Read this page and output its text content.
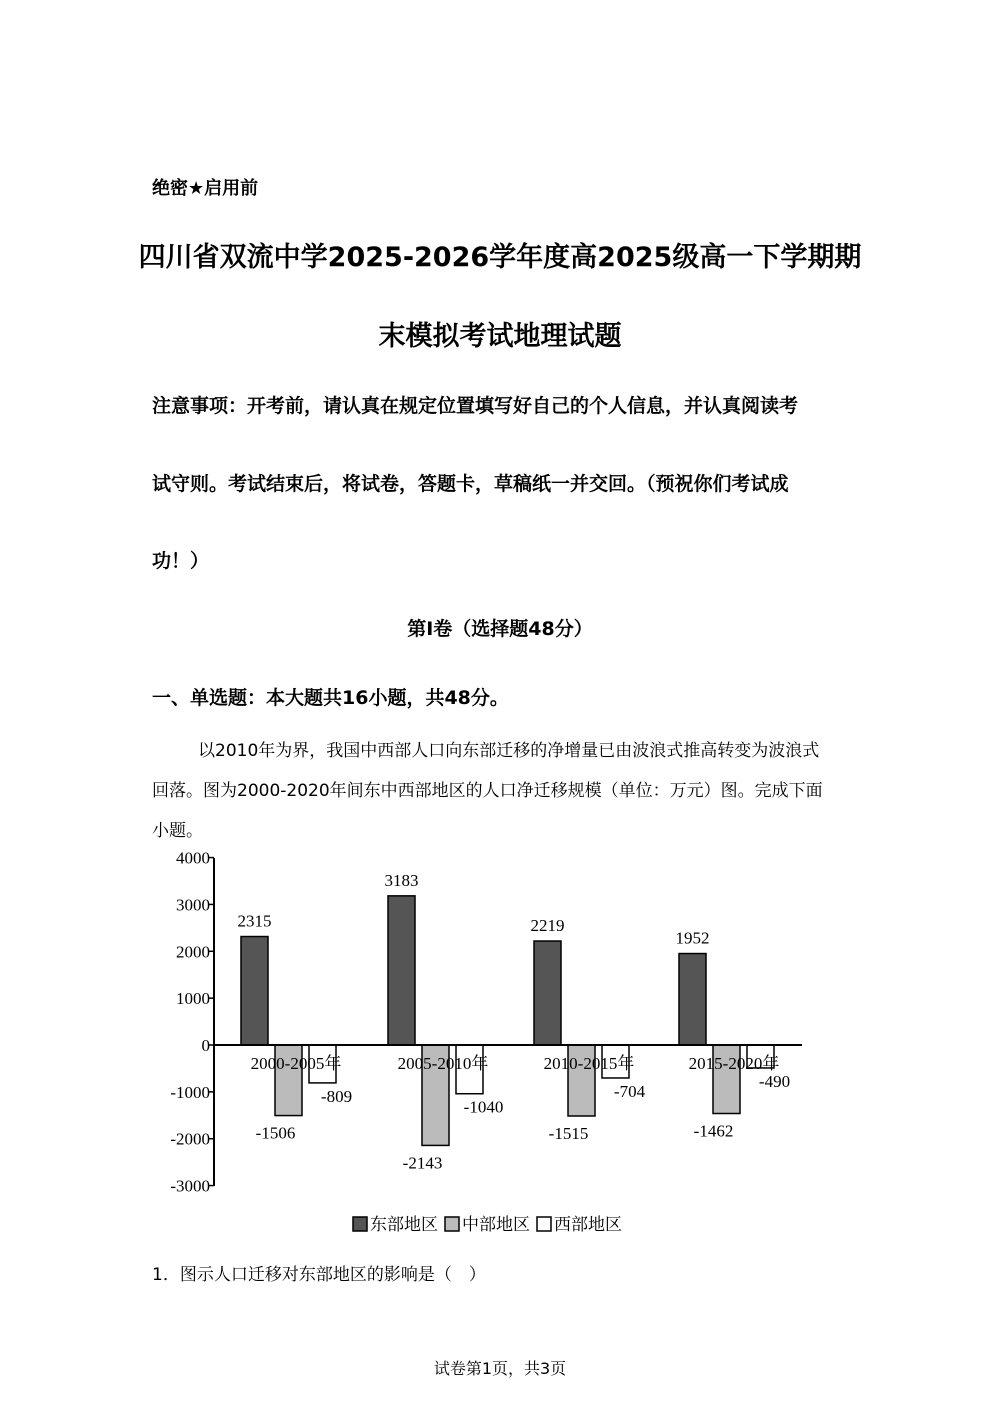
绝密★启用前
四川省双流中学2025-2026学年度高2025级高一下学期期
末模拟考试地理试题
注意事项：开考前，请认真在规定位置填写好自己的个人信息，并认真阅读考
试守则。考试结束后，将试卷，答题卡，草稿纸一并交回。（预祝你们考试成
功！）
第I卷（选择题48分）
一、单选题：本大题共16小题，共48分。
以2010年为界，我国中西部人口向东部迁移的净增量已由波浪式推高转变为波浪式
回落。图为2000-2020年间东中西部地区的人口净迁移规模（单位：万元）图。完成下面
小题。
4000
3000
2000
1000
0
-1000
-2000
-3000
2315
-1506
-809
2000-2005年
3183
-2143
-1040
2005-2010年
2219
-1515
-704
2010-2015年
1952
-1462
-490
2015-2020年
东部地区 中部地区 西部地区
1．图示人口迁移对东部地区的影响是（　）
试卷第1页，共3页
